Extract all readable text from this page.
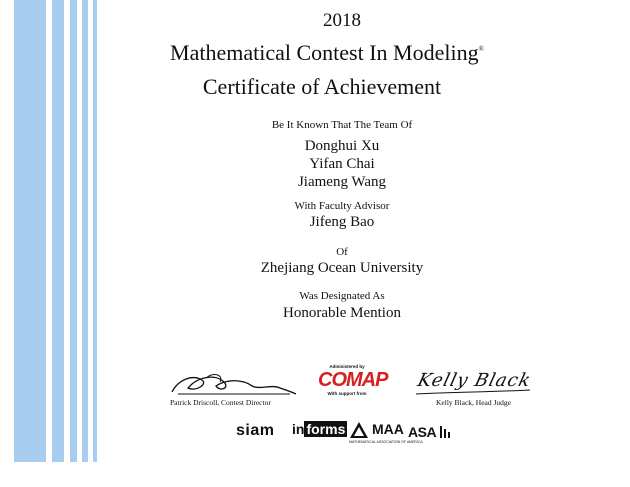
2018
Mathematical Contest In Modeling®
Certificate of Achievement
Be It Known That The Team Of
Donghui Xu
Yifan Chai
Jiameng Wang
With Faculty Advisor
Jifeng Bao
Of
Zhejiang Ocean University
Was Designated As
Honorable Mention
Kelly Black
Patrick Driscoll, Contest Director	Kelly Black, Head Judge
Administered by
COMAP
With support from
siam in forms MAA
MATHEMATICAL ASSOCIATION OF AMERICA
ASA
